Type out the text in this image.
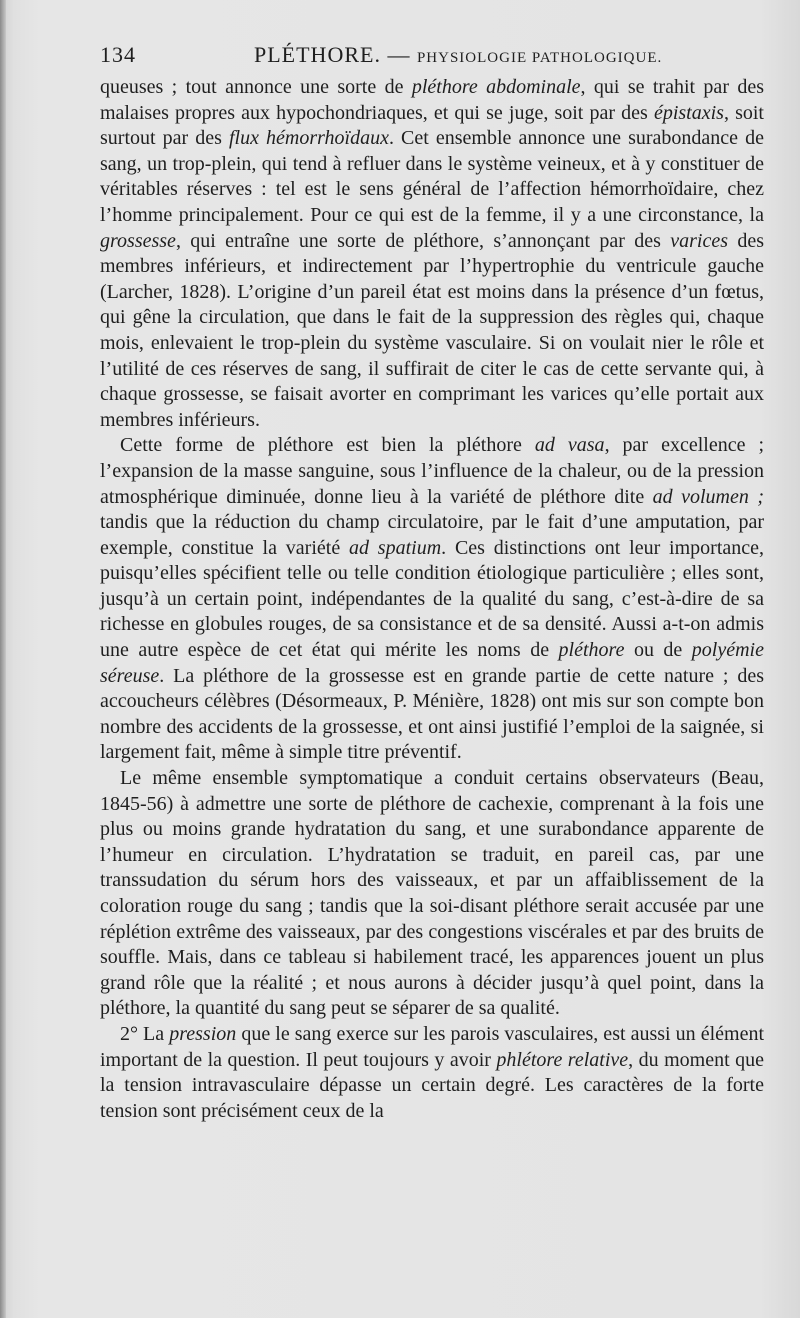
134	PLÉTHORE. — PHYSIOLOGIE PATHOLOGIQUE.

queuses ; tout annonce une sorte de pléthore abdominale, qui se trahit par des malaises propres aux hypochondriaques, et qui se juge, soit par des épistaxis, soit surtout par des flux hémorrhoïdaux. Cet ensemble annonce une surabondance de sang, un trop-plein, qui tend à refluer dans le système veineux, et à y constituer de véritables réserves : tel est le sens général de l’affection hémorrhoïdaire, chez l’homme principalement. Pour ce qui est de la femme, il y a une circonstance, la grossesse, qui entraîne une sorte de pléthore, s’annonçant par des varices des membres inférieurs, et indirectement par l’hypertrophie du ventricule gauche (Larcher, 1828). L’origine d’un pareil état est moins dans la présence d’un fœtus, qui gêne la circulation, que dans le fait de la suppression des règles qui, chaque mois, enlevaient le trop-plein du système vasculaire. Si on voulait nier le rôle et l’utilité de ces réserves de sang, il suffirait de citer le cas de cette servante qui, à chaque grossesse, se faisait avorter en comprimant les varices qu’elle portait aux membres inférieurs.

Cette forme de pléthore est bien la pléthore ad vasa, par excellence ; l’expansion de la masse sanguine, sous l’influence de la chaleur, ou de la pression atmosphérique diminuée, donne lieu à la variété de pléthore dite ad volumen ; tandis que la réduction du champ circulatoire, par le fait d’une amputation, par exemple, constitue la variété ad spatium. Ces distinctions ont leur importance, puisqu’elles spécifient telle ou telle condition étiologique particulière ; elles sont, jusqu’à un certain point, indépendantes de la qualité du sang, c’est-à-dire de sa richesse en globules rouges, de sa consistance et de sa densité. Aussi a-t-on admis une autre espèce de cet état qui mérite les noms de pléthore ou de polyémie séreuse. La pléthore de la grossesse est en grande partie de cette nature ; des accoucheurs célèbres (Désormeaux, P. Ménière, 1828) ont mis sur son compte bon nombre des accidents de la grossesse, et ont ainsi justifié l’emploi de la saignée, si largement fait, même à simple titre préventif.

Le même ensemble symptomatique a conduit certains observateurs (Beau, 1845-56) à admettre une sorte de pléthore de cachexie, comprenant à la fois une plus ou moins grande hydratation du sang, et une surabondance apparente de l’humeur en circulation. L’hydratation se traduit, en pareil cas, par une transsudation du sérum hors des vaisseaux, et par un affaiblissement de la coloration rouge du sang ; tandis que la soi-disant pléthore serait accusée par une réplétion extrême des vaisseaux, par des congestions viscérales et par des bruits de souffle. Mais, dans ce tableau si habilement tracé, les apparences jouent un plus grand rôle que la réalité ; et nous aurons à décider jusqu’à quel point, dans la pléthore, la quantité du sang peut se séparer de sa qualité.

2° La pression que le sang exerce sur les parois vasculaires, est aussi un élément important de la question. Il peut toujours y avoir phlétore relative, du moment que la tension intravasculaire dépasse un certain degré. Les caractères de la forte tension sont précisément ceux de la
